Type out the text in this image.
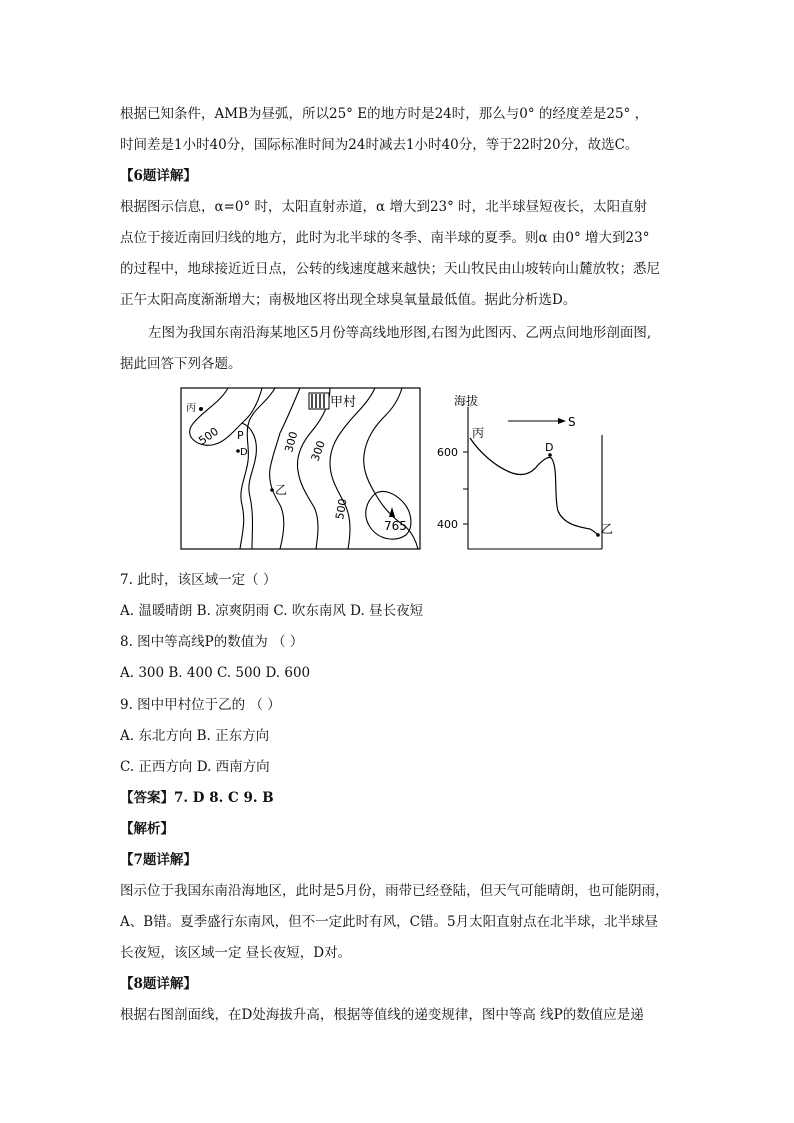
根据已知条件，AMB为昼弧，所以25° E的地方时是24时，那么与0° 的经度差是25° ，
时间差是1小时40分，国际标准时间为24时减去1小时40分，等于22时20分，故选C。
【6题详解】
根据图示信息，α=0° 时，太阳直射赤道，α 增大到23° 时，北半球昼短夜长，太阳直射
点位于接近南回归线的地方，此时为北半球的冬季、南半球的夏季。则α 由0° 增大到23°
的过程中，地球接近近日点，公转的线速度越来越快；天山牧民由山坡转向山麓放牧；悉尼
正午太阳高度渐渐增大；南极地区将出现全球臭氧量最低值。据此分析选D。
左图为我国东南沿海某地区5月份等高线地形图,右图为此图丙、乙两点间地形剖面图,
据此回答下列各题。
甲村
丙
P
D
乙
500	300 300
500
765
海拔
S
600
400
丙
D
乙
7. 此时，该区域一定（ ）
A. 温暖晴朗 B. 凉爽阴雨 C. 吹东南风 D. 昼长夜短
8. 图中等高线P的数值为 （ ）
A. 300 B. 400 C. 500 D. 600
9. 图中甲村位于乙的 （ ）
A. 东北方向 B. 正东方向
C. 正西方向 D. 西南方向
【答案】7. D 8. C 9. B
【解析】
【7题详解】
图示位于我国东南沿海地区，此时是5月份，雨带已经登陆，但天气可能晴朗，也可能阴雨，
A、B错。夏季盛行东南风，但不一定此时有风，C错。5月太阳直射点在北半球，北半球昼
长夜短，该区域一定 昼长夜短，D对。
【8题详解】
根据右图剖面线，在D处海拔升高，根据等值线的递变规律，图中等高 线P的数值应是递
